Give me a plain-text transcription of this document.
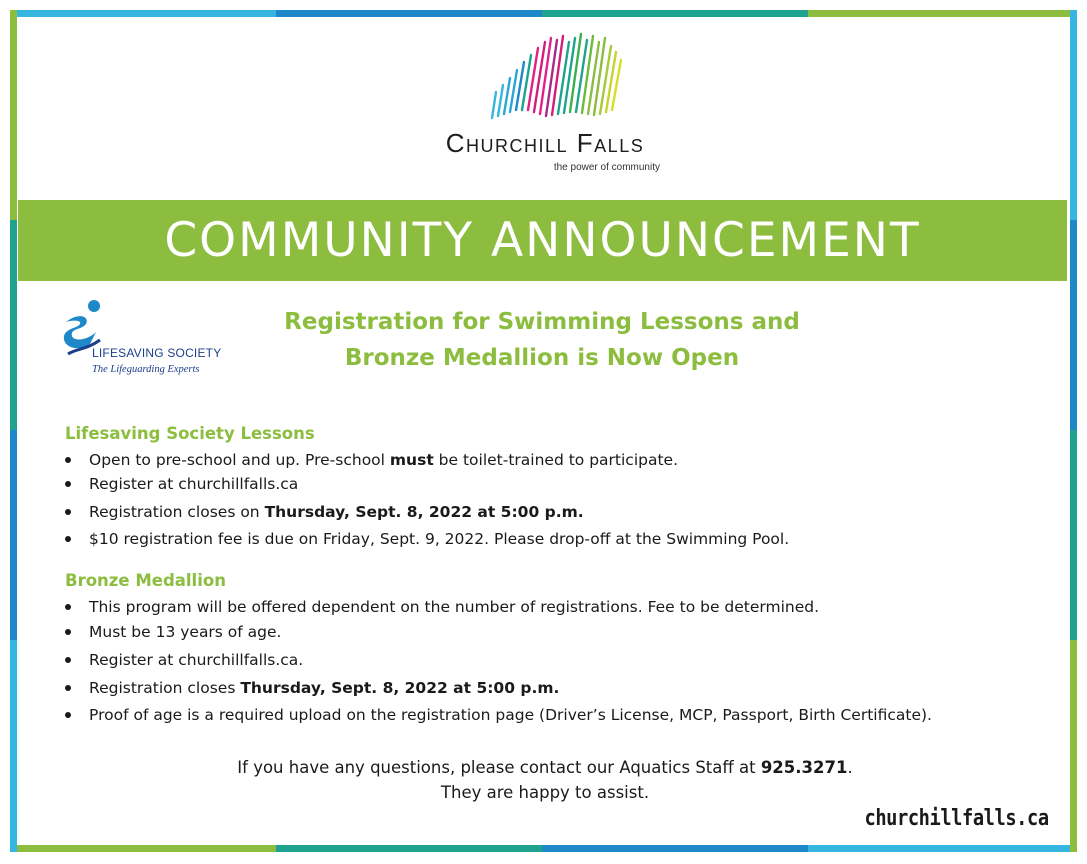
Churchill Falls
the power of community
COMMUNITY ANNOUNCEMENT
LIFESAVING SOCIETY
The Lifeguarding Experts
Registration for Swimming Lessons and
Bronze Medallion is Now Open
Lifesaving Society Lessons
Open to pre-school and up. Pre-school must be toilet-trained to participate.
Register at churchillfalls.ca
Registration closes on Thursday, Sept. 8, 2022 at 5:00 p.m.
$10 registration fee is due on Friday, Sept. 9, 2022. Please drop-off at the Swimming Pool.
Bronze Medallion
This program will be offered dependent on the number of registrations. Fee to be determined.
Must be 13 years of age.
Register at churchillfalls.ca.
Registration closes Thursday, Sept. 8, 2022 at 5:00 p.m.
Proof of age is a required upload on the registration page (Driver’s License, MCP, Passport, Birth Certificate).
If you have any questions, please contact our Aquatics Staff at 925.3271.
They are happy to assist.
churchillfalls.ca
